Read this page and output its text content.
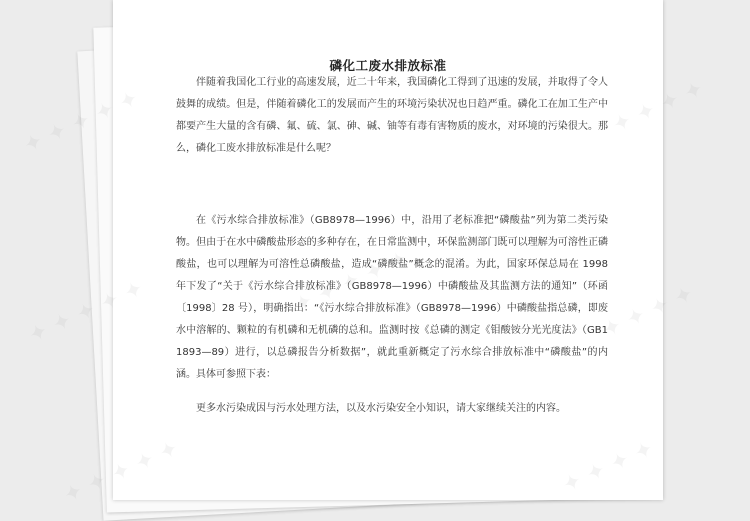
磷化工废水排放标准

伴随着我国化工行业的高速发展，近二十年来，我国磷化工得到了迅速的发展，并取得了令人鼓舞的成绩。但是，伴随着磷化工的发展而产生的环境污染状况也日趋严重。磷化工在加工生产中都要产生大量的含有磷、氟、硫、氯、砷、碱、铀等有毒有害物质的废水，对环境的污染很大。那么，磷化工废水排放标准是什么呢？

在《污水综合排放标准》（GB8978—1996）中，沿用了老标准把“磷酸盐”列为第二类污染物。但由于在水中磷酸盐形态的多种存在，在日常监测中，环保监测部门既可以理解为可溶性正磷酸盐，也可以理解为可溶性总磷酸盐，造成“磷酸盐”概念的混淆。为此，国家环保总局在 1998 年下发了“关于《污水综合排放标准》（GB8978—1996）中磷酸盐及其监测方法的通知”（环函〔1998〕28 号），明确指出：“《污水综合排放标准》（GB8978—1996）中磷酸盐指总磷，即废水中溶解的、颗粒的有机磷和无机磷的总和。监测时按《总磷的测定《钼酸铵分光光度法》（GB11893—89）进行，以总磷报告分析数据”，就此重新概定了污水综合排放标准中“磷酸盐”的内涵。具体可参照下表：

更多水污染成因与污水处理方法，以及水污染安全小知识，请大家继续关注的内容。

✦ ✦
✦ ✦
✦ ✦ ✦ ✦ ✦	✦
✦ ✦
